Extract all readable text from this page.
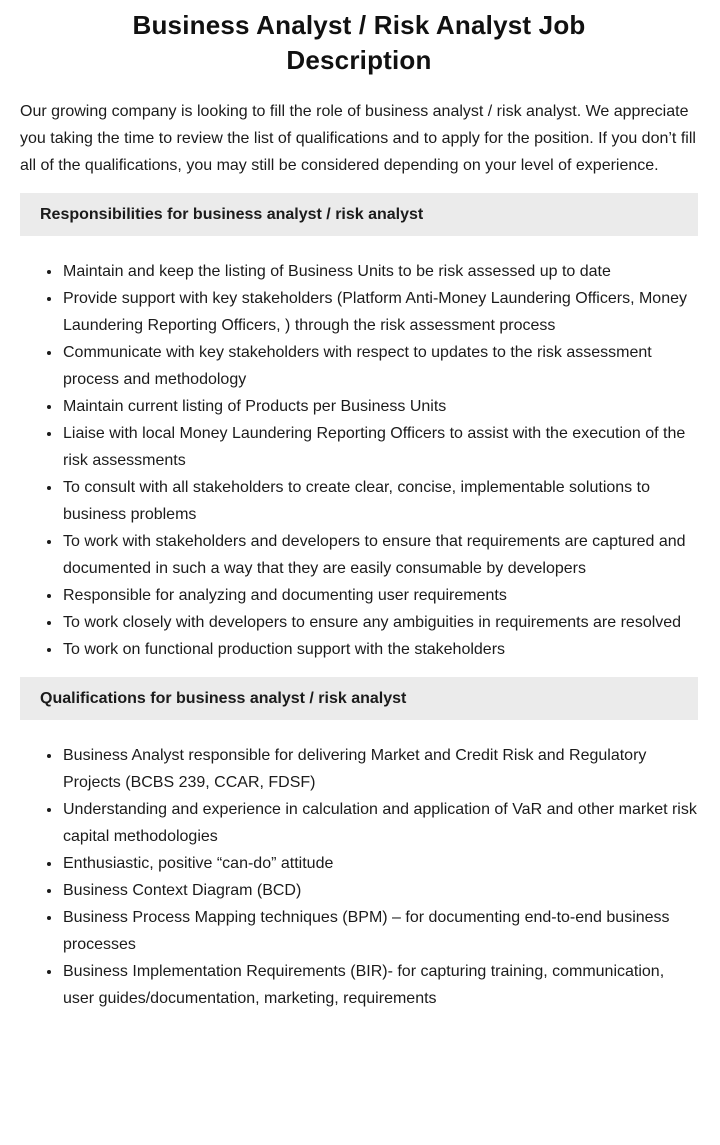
Business Analyst / Risk Analyst Job Description

Our growing company is looking to fill the role of business analyst / risk analyst. We appreciate you taking the time to review the list of qualifications and to apply for the position. If you don’t fill all of the qualifications, you may still be considered depending on your level of experience.

Responsibilities for business analyst / risk analyst
• Maintain and keep the listing of Business Units to be risk assessed up to date
• Provide support with key stakeholders (Platform Anti-Money Laundering Officers, Money Laundering Reporting Officers, ) through the risk assessment process
• Communicate with key stakeholders with respect to updates to the risk assessment process and methodology
• Maintain current listing of Products per Business Units
• Liaise with local Money Laundering Reporting Officers to assist with the execution of the risk assessments
• To consult with all stakeholders to create clear, concise, implementable solutions to business problems
• To work with stakeholders and developers to ensure that requirements are captured and documented in such a way that they are easily consumable by developers
• Responsible for analyzing and documenting user requirements
• To work closely with developers to ensure any ambiguities in requirements are resolved
• To work on functional production support with the stakeholders
Qualifications for business analyst / risk analyst
• Business Analyst responsible for delivering Market and Credit Risk and Regulatory Projects (BCBS 239, CCAR, FDSF)
• Understanding and experience in calculation and application of VaR and other market risk capital methodologies
• Enthusiastic, positive “can-do” attitude
• Business Context Diagram (BCD)
• Business Process Mapping techniques (BPM) – for documenting end-to-end business processes
• Business Implementation Requirements (BIR)- for capturing training, communication, user guides/documentation, marketing, requirements
